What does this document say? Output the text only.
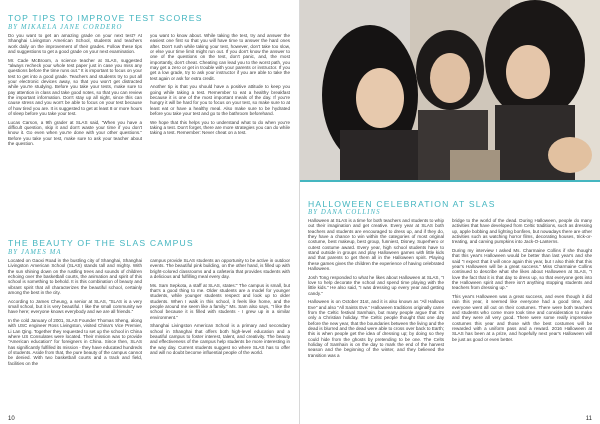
TOP TIPS TO IMPROVE TEST SCORES
BY MIKAELA JANE CORDERO

Do you want to get an amazing grade on your next test? At Shanghai Livingston American School, students and teachers work daily on the improvement of their grades. Follow these tips and suggestions to get a good grade on your next examination.

Mr. Cade McBroom, a science teacher at SLAS, suggested "always recheck your whole test paper just in case you miss any questions before the time runs out." It is important to focus on your test to get into a good grade. Teachers and students try to put all your electronic devices away, so that you won't get distracted while you're studying. Before you take your tests, make sure to pay attention in class and take good notes, so that you can review the important information. Don't stay up all night, since this can cause stress and you won't be able to focus on your test because of how tired you are. It is suggested to get at least 8 or more hours of sleep before you take your test.

Lucas Carson, a 9th grader at SLAS said, "When you have a difficult question, skip it and don't waste your time if you don't know it. Go even when you're done with your other questions." Before you take your test, make sure to ask your teacher about the question.

you want to know about. While taking the test, try and answer the easiest one first so that you will have time to answer the hard ones after. Don't rush while taking your test, however, don't take too slow, or else your time limit might run out. If you don't know the answer to one of the questions on the test, don't panic, and, the most importantly, don't cheat. Cheating can lead you to the worst path, you may get a zero or get in trouble with your parents or instructor. If you get a low grade, try to ask your instructor if you are able to take the test again or ask for extra credit.

Another tip is that you should have a positive attitude to keep you going while taking a test. Remember to eat a healthy breakfast because it is one of the most important meals of the day. If you're hungry it will be hard for you to focus on your test, so make sure to at least eat or have a healthy meal. Also make sure to be hydrated before you take your test and go to the bathroom beforehand.

We hope that this helps you to understand what to do when you're taking a test. Don't forget, there are more strategies you can do while taking a test. Remember: Never cheat on a test.

THE BEAUTY OF THE SLAS CAMPUS
BY JAMES MA

Located on Gaoxi Road in the bustling city of Shanghai, Shanghai Livingston American School (SLAS) stands tall and mighty. With the sun shining down on the rustling trees and sounds of children echoing over the basketball courts, the animation and spirit of this school is something to behold. It is this combination of beauty and vibrant spirit that all characterizes the beautiful school, certainly among the best in the city.

According to James Cheung, a senior at SLAS, "SLAS is a very small school, but it is very beautiful. I like the small community we have here; everyone knows everybody and we are all friends."

In the cold January of 2001, SLAS Founder Thomas Sheng, along with USC engineer Ross Livingston, visited China's Vice Premier, Li Lan Qing. Together they requested to set up the school in China where US Consulates were located. Their mission was to provide "American education" for foreigners in China. Since then, SLAS has significantly fulfilled its mission - they have educated hundreds of students. Aside from that, the pure beauty of the campus cannot be denied. With two basketball courts and a track and field, facilities on the

campus provide SLAS students an opportunity to be active in outdoor events. The beautiful pink building, on the other hand, is filled up with bright-colored classrooms and a cafeteria that provides students with a delicious and fulfilling meal every day.

Ms. Sam Sepkota, a staff at SLAS, states:" The campus is small, but that's a good thing to me. Older students are a model for younger students, while younger students respect and look up to older students. When I walk in this school, it feels like home, and the people around me seem like a family." Ms. Sam also says, "I like the school because it is filled with students - I grew up in a similar environment."

Shanghai Livingston American School is a primary and secondary school in Shanghai that offers both high-level education and a beautiful campus to foster interest, talent, and creativity. The beauty and effectiveness of the campus help students be more interesting in the way day. Current students suggest no where SLAS has to offer and will no doubt become influential people of the world.

10
HALLOWEEN CELEBRATION AT SLAS
BY DANA COLLINS

Halloween at SLAS is a time for both teachers and students to whip out their imagination and get creative. Every year at SLAS both teachers and students are encouraged to dress up, and if they do, they have a chance to win within the categories of most original costume, best makeup, best group, funniest, Disney, Superhero or cutest costume award. Every year, high school students have to stand outside in groups and play Halloween games with little kids and that parents to get them all in the Halloween spirit. Playing these games gives the children the experience of having celebrated Halloween.

Josh Tong responded to what he likes about Halloween at SLAS, "I love to help decorate the school and spend time playing with the little kids." He also said, "I was dressing up every year and getting candy."

Halloween is on October 31st, and it is also known as "All Hallows Eve" and also "All Saints Eve." Halloween traditions originally came from the Celtic festival Samhain, but many people argue that it's only a Christian holiday. The Celtic people thought that one day before the new year, that the boundaries between the living and the dead is blurred and the dead were able to cross over back to Earth; this is when people get the idea of dressing up; by doing so they could hide from the ghosts by pretending to be one. The Celts holiday of Samhain is on the day to mark the end of the harvest season and the beginning of the winter, and they believed the transition was a

bridge to the world of the dead. During Halloween, people do many activities that have developed from Celtic traditions, such as dressing up, apple bobbing and lighting bonfires, but nowadays there are other activities such as watching horror films, decorating houses, trick-or-treating, and carving pumpkins into Jack-O-Lanterns.

During my interview I asked Ms. Charmaine Collins if she thought that this year's Halloween would be better than last year's and she said "I expect that it will once again this year, but I also think that this year's Halloween will be a great success." Miss Charmaine Collins continued to describe what she likes about Halloween at SLAS, "I love the fact that it is that day to dress up, so that everyone gets into the Halloween spirit and there isn't anything stopping students and teachers from dressing up."

This year's Halloween was a great success, and even though it did rain this year, it seemed like everyone had a good time, and everyone went all out on their costumes. There were both teachers and students who come more took time and consideration to make and they were all very good. There were some really impressive costumes this year and those with the best costumes will be rewarded with a uniform pass and a reward. 2016 Halloween at SLAS has been at a prize, and hopefully next year's Halloween will be just as good or even better.

11
